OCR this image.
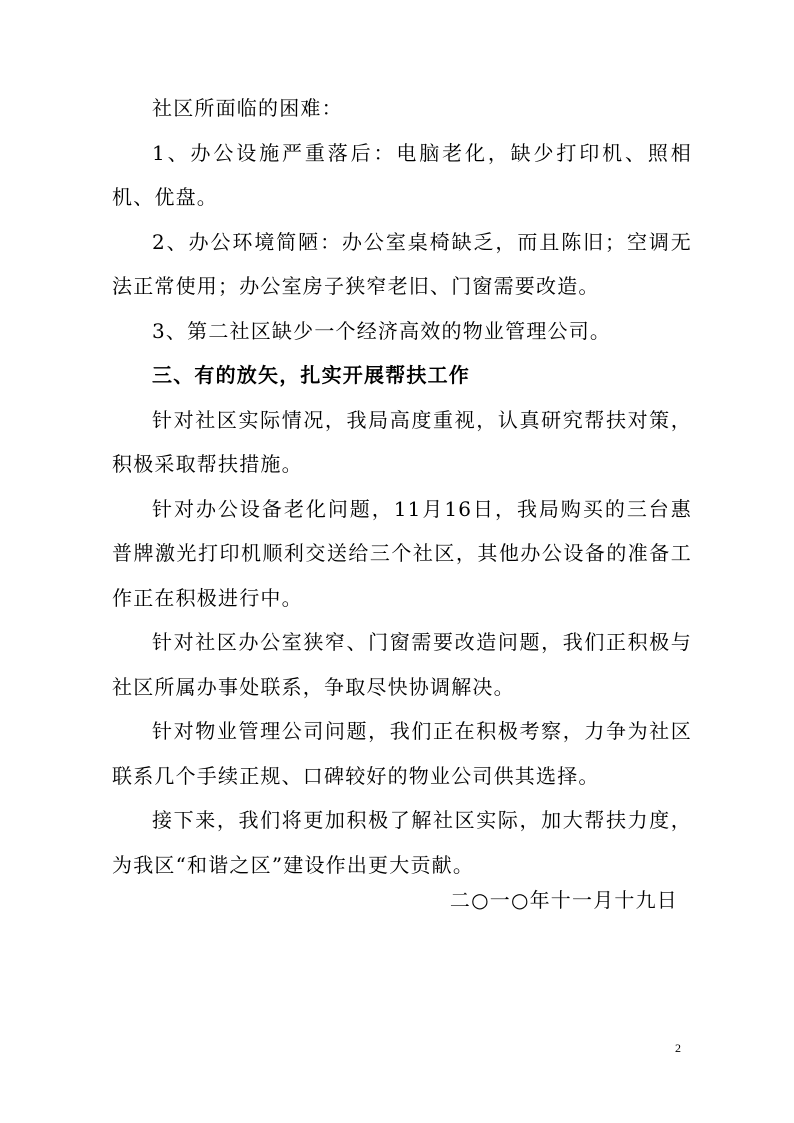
社区所面临的困难：

1、办公设施严重落后：电脑老化，缺少打印机、照相机、优盘。

2、办公环境简陋：办公室桌椅缺乏，而且陈旧；空调无法正常使用；办公室房子狭窄老旧、门窗需要改造。

3、第二社区缺少一个经济高效的物业管理公司。

三、有的放矢，扎实开展帮扶工作

针对社区实际情况，我局高度重视，认真研究帮扶对策，积极采取帮扶措施。

针对办公设备老化问题，11月16日，我局购买的三台惠普牌激光打印机顺利交送给三个社区，其他办公设备的准备工作正在积极进行中。

针对社区办公室狭窄、门窗需要改造问题，我们正积极与社区所属办事处联系，争取尽快协调解决。

针对物业管理公司问题，我们正在积极考察，力争为社区联系几个手续正规、口碑较好的物业公司供其选择。

接下来，我们将更加积极了解社区实际，加大帮扶力度，为我区“和谐之区”建设作出更大贡献。

二○一○年十一月十九日
2
